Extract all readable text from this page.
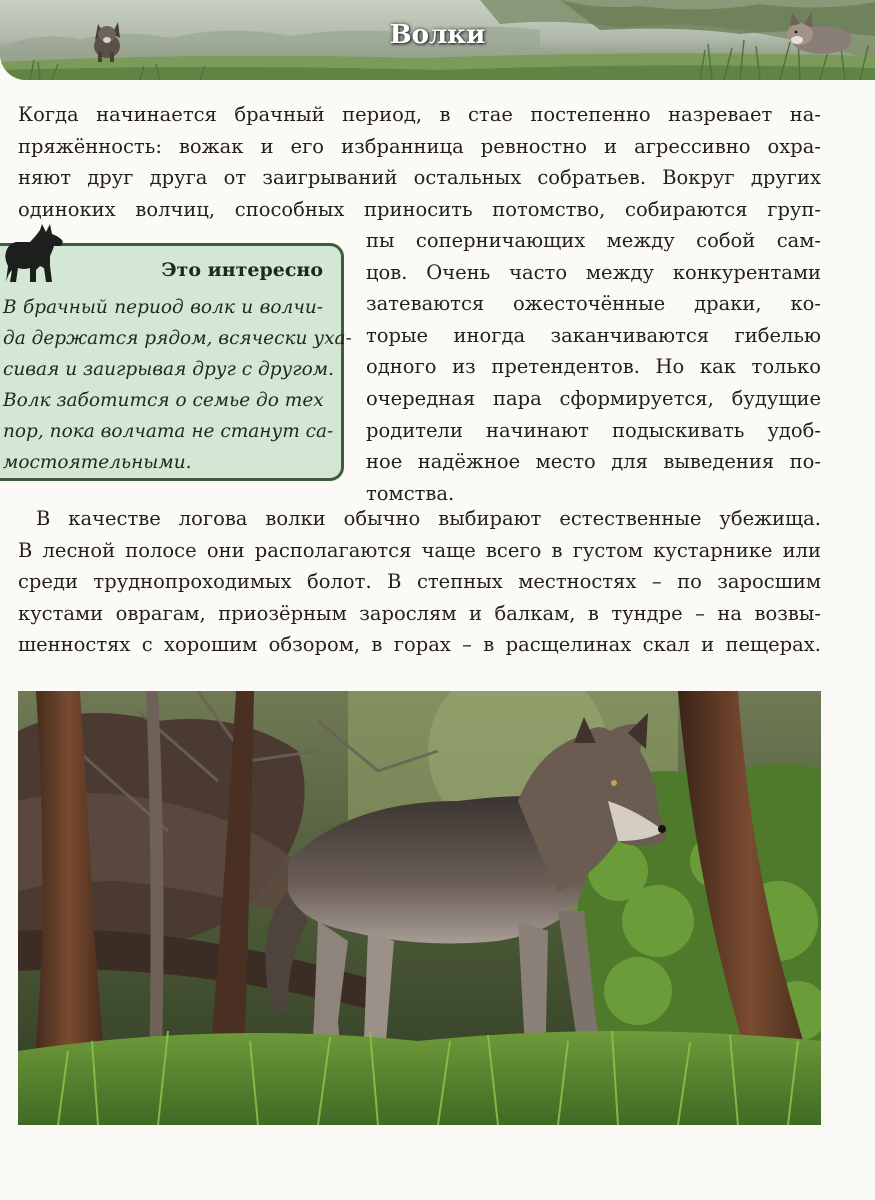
Волки
Когда начинается брачный период, в стае постепенно назревает на-
пряжённость: вожак и его избранница ревностно и агрессивно охра-
няют друг друга от заигрываний остальных собратьев. Вокруг других
одиноких волчиц, способных приносить потомство, собираются груп-
пы соперничающих между собой сам-
цов. Очень часто между конкурентами
затеваются ожесточённые драки, ко-
торые иногда заканчиваются гибелью
одного из претендентов. Но как только
очередная пара сформируется, будущие
родители начинают подыскивать удоб-
ное надёжное место для выведения по-
томства.
Это интересно
В брачный период волк и волчи-
да держатся рядом, всячески уха-
сивая и заигрывая друг с другом.
Волк заботится о семье до тех
пор, пока волчата не станут са-
мостоятельными.
В качестве логова волки обычно выбирают естественные убежища.
В лесной полосе они располагаются чаще всего в густом кустарнике или
среди труднопроходимых болот. В степных местностях – по заросшим
кустами оврагам, приозёрным зарослям и балкам, в тундре – на возвы-
шенностях с хорошим обзором, в горах – в расщелинах скал и пещерах.
